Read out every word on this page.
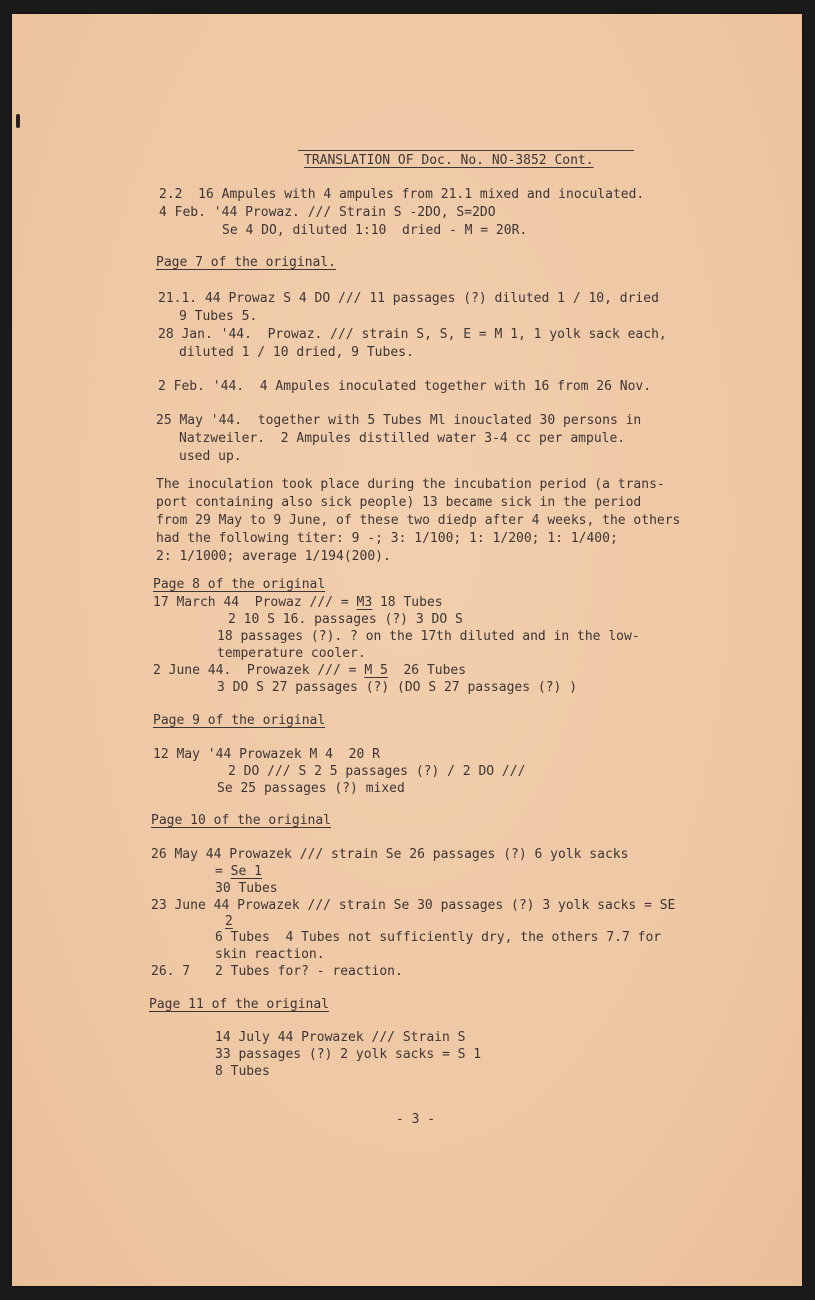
TRANSLATION OF Doc. No. NO-3852 Cont.

2.2  16 Ampules with 4 ampules from 21.1 mixed and inoculated.

4 Feb. '44 Prowaz. /// Strain S -2DO, S=2DO

Se 4 DO, diluted 1:10  dried - M = 20R.

Page 7 of the original.

21.1. 44 Prowaz S 4 DO /// 11 passages (?) diluted 1 / 10, dried

9 Tubes 5.

28 Jan. '44.  Prowaz. /// strain S, S, E = M 1, 1 yolk sack each,

diluted 1 / 10 dried, 9 Tubes.

2 Feb. '44.  4 Ampules inoculated together with 16 from 26 Nov.

25 May '44.  together with 5 Tubes Ml inouclated 30 persons in

Natzweiler.  2 Ampules distilled water 3-4 cc per ampule.

used up.

The inoculation took place during the incubation period (a trans-

port containing also sick people) 13 became sick in the period

from 29 May to 9 June, of these two diedp after 4 weeks, the others

had the following titer: 9 -; 3: 1/100; 1: 1/200; 1: 1/400;

2: 1/1000; average 1/194(200).

Page 8 of the original

17 March 44  Prowaz /// = M3 18 Tubes

2 10 S 16. passages (?) 3 DO S

18 passages (?). ? on the 17th diluted and in the low-

temperature cooler.

2 June 44.  Prowazek /// = M 5  26 Tubes

3 DO S 27 passages (?) (DO S 27 passages (?) )

Page 9 of the original

12 May '44 Prowazek M 4  20 R

2 DO /// S 2 5 passages (?) / 2 DO ///

Se 25 passages (?) mixed

Page 10 of the original

26 May 44 Prowazek /// strain Se 26 passages (?) 6 yolk sacks

= Se 1

30 Tubes

23 June 44 Prowazek /// strain Se 30 passages (?) 3 yolk sacks = SE

2

6 Tubes  4 Tubes not sufficiently dry, the others 7.7 for

skin reaction.

26. 7 2 Tubes for? - reaction.

Page 11 of the original

14 July 44 Prowazek /// Strain S

33 passages (?) 2 yolk sacks = S 1

8 Tubes

- 3 -
